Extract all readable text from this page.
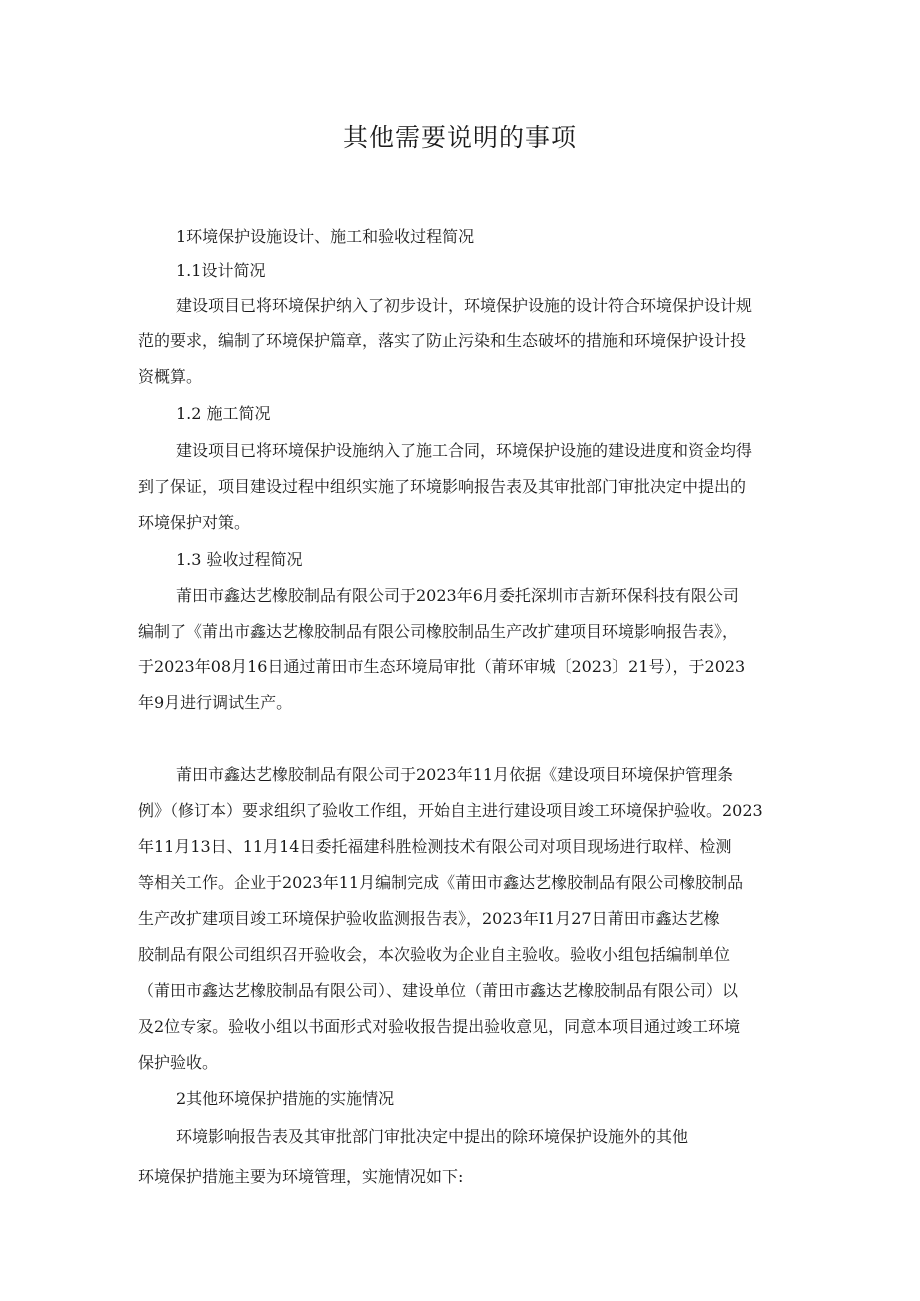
其他需要说明的事项

1环境保护设施设计、施工和验收过程简况

1.1设计简况

建设项目已将环境保护纳入了初步设计，环境保护设施的设计符合环境保护设计规

范的要求，编制了环境保护篇章，落实了防止污染和生态破坏的措施和环境保护设计投

资概算。

1.2 施工简况

建设项目已将环境保护设施纳入了施工合同，环境保护设施的建设进度和资金均得

到了保证，项目建设过程中组织实施了环境影响报告表及其审批部门审批决定中提出的

环境保护对策。

1.3 验收过程简况

莆田市鑫达艺橡胶制品有限公司于2023年6月委托深圳市吉新环保科技有限公司

编制了《莆出市鑫达艺橡胶制品有限公司橡胶制品生产改扩建项目环境影响报告表》，

于2023年08月16日通过莆田市生态环境局审批（莆环审城〔2023〕21号），于2023

年9月进行调试生产。

莆田市鑫达艺橡胶制品有限公司于2023年11月依据《建设项目环境保护管理条

例》（修订本）要求组织了验收工作组，开始自主进行建设项目竣工环境保护验收。2023

年11月13日、11月14日委托福建科胜检测技术有限公司对项目现场进行取样、检测

等相关工作。企业于2023年11月编制完成《莆田市鑫达艺橡胶制品有限公司橡胶制品

生产改扩建项目竣工环境保护验收监测报告表》，2023年I1月27日莆田市鑫达艺橡

胶制品有限公司组织召开验收会，本次验收为企业自主验收。验收小组包括编制单位

（莆田市鑫达艺橡胶制品有限公司）、建设单位（莆田市鑫达艺橡胶制品有限公司）以

及2位专家。验收小组以书面形式对验收报告提出验收意见，同意本项目通过竣工环境

保护验收。

2其他环境保护措施的实施情况

环境影响报告表及其审批部门审批决定中提出的除环境保护设施外的其他

环境保护措施主要为环境管理，实施情况如下:
